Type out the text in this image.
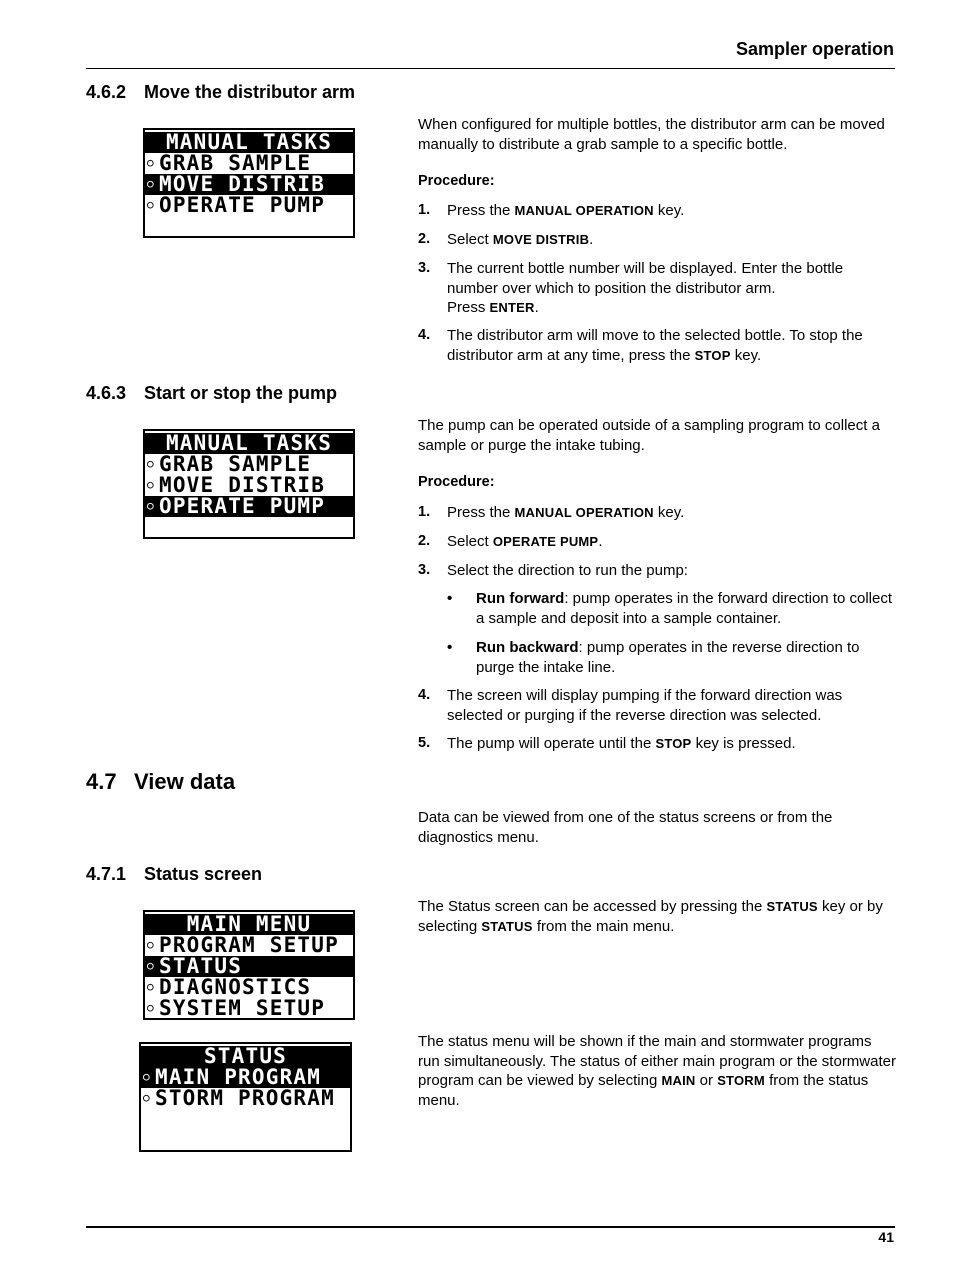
Sampler operation
4.6.2 Move the distributor arm
MANUAL TASKS
○ GRAB SAMPLE
○ MOVE DISTRIB
○ OPERATE PUMP
When configured for multiple bottles, the distributor arm can be moved manually to distribute a grab sample to a specific bottle.
Procedure:
1. Press the MANUAL OPERATION key.
2. Select MOVE DISTRIB.
3. The current bottle number will be displayed. Enter the bottle number over which to position the distributor arm.
Press ENTER.
4. The distributor arm will move to the selected bottle. To stop the distributor arm at any time, press the STOP key.
4.6.3 Start or stop the pump
MANUAL TASKS
○ GRAB SAMPLE
○ MOVE DISTRIB
○ OPERATE PUMP
The pump can be operated outside of a sampling program to collect a sample or purge the intake tubing.
Procedure:
1. Press the MANUAL OPERATION key.
2. Select OPERATE PUMP.
3. Select the direction to run the pump:
• Run forward: pump operates in the forward direction to collect a sample and deposit into a sample container.
• Run backward: pump operates in the reverse direction to purge the intake line.
4. The screen will display pumping if the forward direction was selected or purging if the reverse direction was selected.
5. The pump will operate until the STOP key is pressed.
4.7 View data
Data can be viewed from one of the status screens or from the diagnostics menu.
4.7.1 Status screen
MAIN MENU
○ PROGRAM SETUP
○ STATUS
○ DIAGNOSTICS
○ SYSTEM SETUP
STATUS
○ MAIN PROGRAM
○ STORM PROGRAM
The Status screen can be accessed by pressing the STATUS key or by selecting STATUS from the main menu.
The status menu will be shown if the main and stormwater programs run simultaneously. The status of either main program or the stormwater program can be viewed by selecting MAIN or STORM from the status menu.
41
